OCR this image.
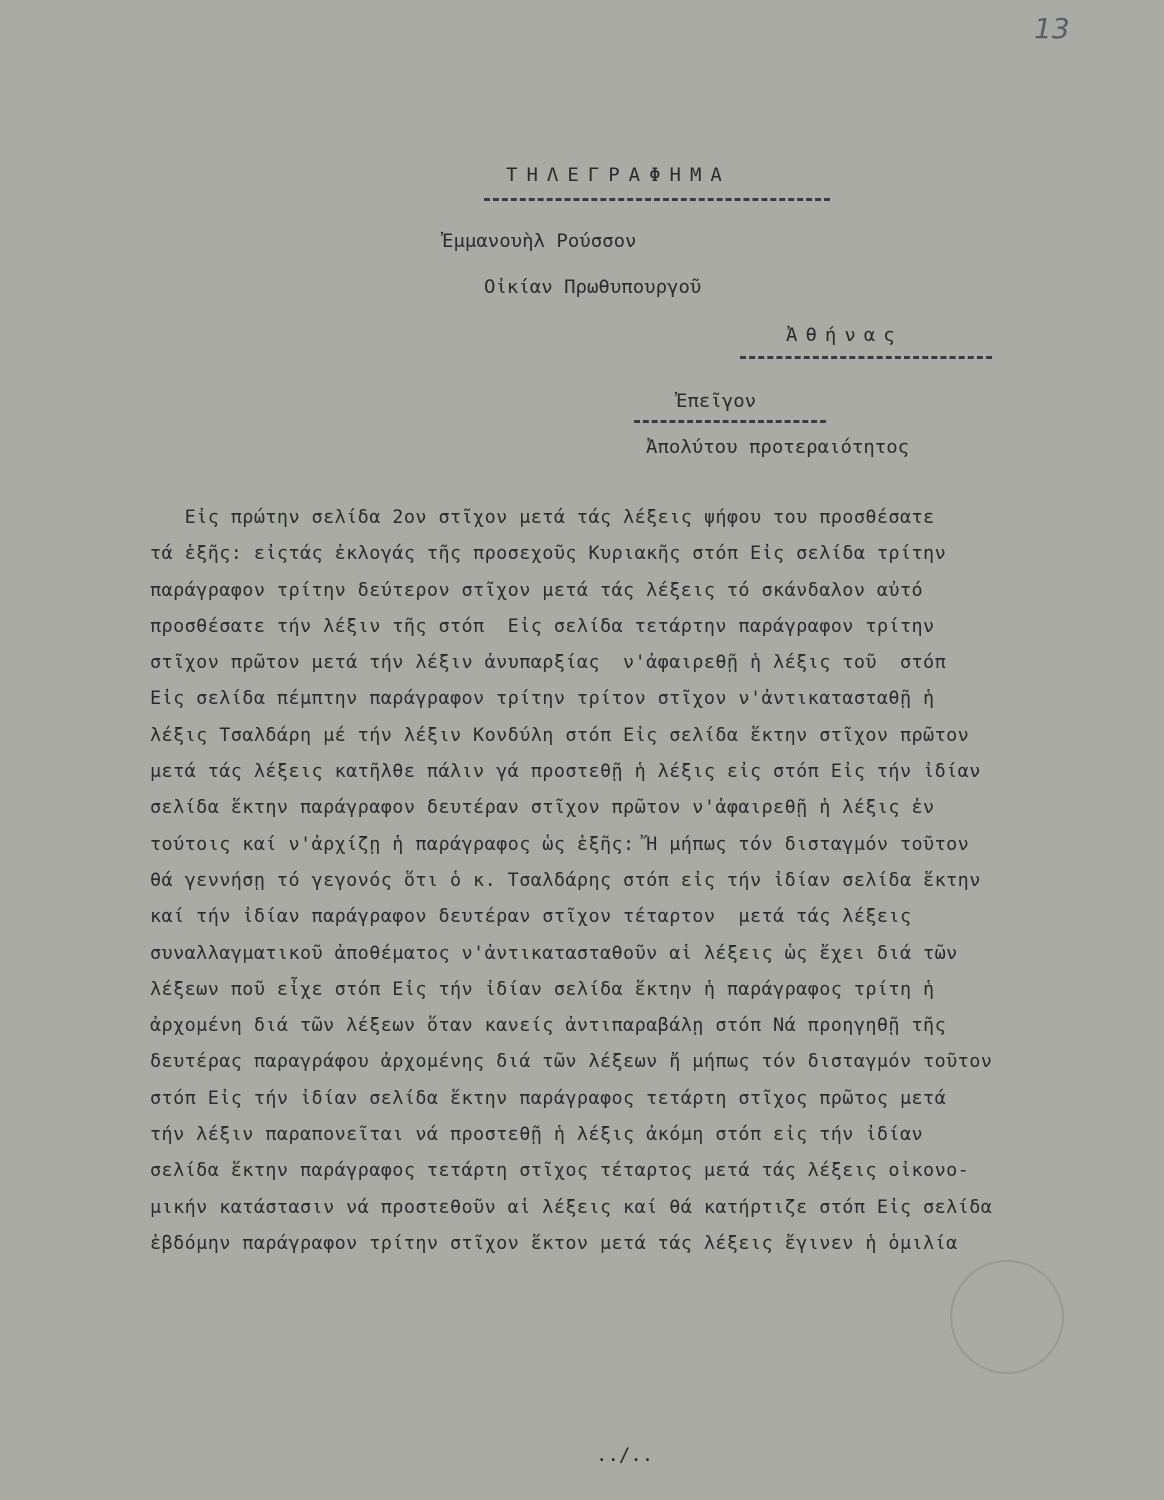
13
ΤΗΛΕΓΡΑΦΗΜΑ
Ἐμμανουὴλ Ρούσσον
Οἰκίαν Πρωθυπουργοῦ
Ἀθήνας
Ἐπεῖγον
Ἀπολύτου προτεραιότητος
Εἰς πρώτην σελίδα 2ον στῖχον μετά τάς λέξεις ψήφου του προσθέσατε
τά ἑξῆς: εἰςτάς ἐκλογάς τῆς προσεχοῦς Κυριακῆς στόπ Εἰς σελίδα τρίτην
παράγραφον τρίτην δεύτερον στῖχον μετά τάς λέξεις τό σκάνδαλον αὐτό
προσθέσατε τήν λέξιν τῆς στόπ  Εἰς σελίδα τετάρτην παράγραφον τρίτην
στῖχον πρῶτον μετά τήν λέξιν ἀνυπαρξίας  ν'ἀφαιρεθῇ ἡ λέξις τοῦ  στόπ
Εἰς σελίδα πέμπτην παράγραφον τρίτην τρίτον στῖχον ν'ἀντικατασταθῇ ἡ
λέξις Τσαλδάρη μέ τήν λέξιν Κονδύλη στόπ Εἰς σελίδα ἕκτην στῖχον πρῶτον
μετά τάς λέξεις κατῆλθε πάλιν γά προστεθῇ ἡ λέξις εἰς στόπ Εἰς τήν ἰδίαν
σελίδα ἕκτην παράγραφον δευτέραν στῖχον πρῶτον ν'ἀφαιρεθῇ ἡ λέξις ἐν
τούτοις καί ν'ἀρχίζῃ ἡ παράγραφος ὡς ἑξῆς: Ἤ μήπως τόν δισταγμόν τοῦτον
θά γεννήσῃ τό γεγονός ὅτι ὁ κ. Τσαλδάρης στόπ εἰς τήν ἰδίαν σελίδα ἕκτην
καί τήν ἰδίαν παράγραφον δευτέραν στῖχον τέταρτον  μετά τάς λέξεις
συναλλαγματικοῦ ἀποθέματος ν'ἀντικατασταθοῦν αἱ λέξεις ὡς ἔχει διά τῶν
λέξεων ποῦ εἶχε στόπ Εἰς τήν ἰδίαν σελίδα ἕκτην ἡ παράγραφος τρίτη ἡ
ἀρχομένη διά τῶν λέξεων ὅταν κανείς ἀντιπαραβάλῃ στόπ Νά προηγηθῇ τῆς
δευτέρας παραγράφου ἀρχομένης διά τῶν λέξεων ἤ μήπως τόν δισταγμόν τοῦτον
στόπ Εἰς τήν ἰδίαν σελίδα ἕκτην παράγραφος τετάρτη στῖχος πρῶτος μετά
τήν λέξιν παραπονεῖται νά προστεθῇ ἡ λέξις ἀκόμη στόπ εἰς τήν ἰδίαν
σελίδα ἕκτην παράγραφος τετάρτη στῖχος τέταρτος μετά τάς λέξεις οἰκονο-
μικήν κατάστασιν νά προστεθοῦν αἱ λέξεις καί θά κατήρτιζε στόπ Εἰς σελίδα
ἑβδόμην παράγραφον τρίτην στῖχον ἕκτον μετά τάς λέξεις ἔγινεν ἡ ὁμιλία
../..
